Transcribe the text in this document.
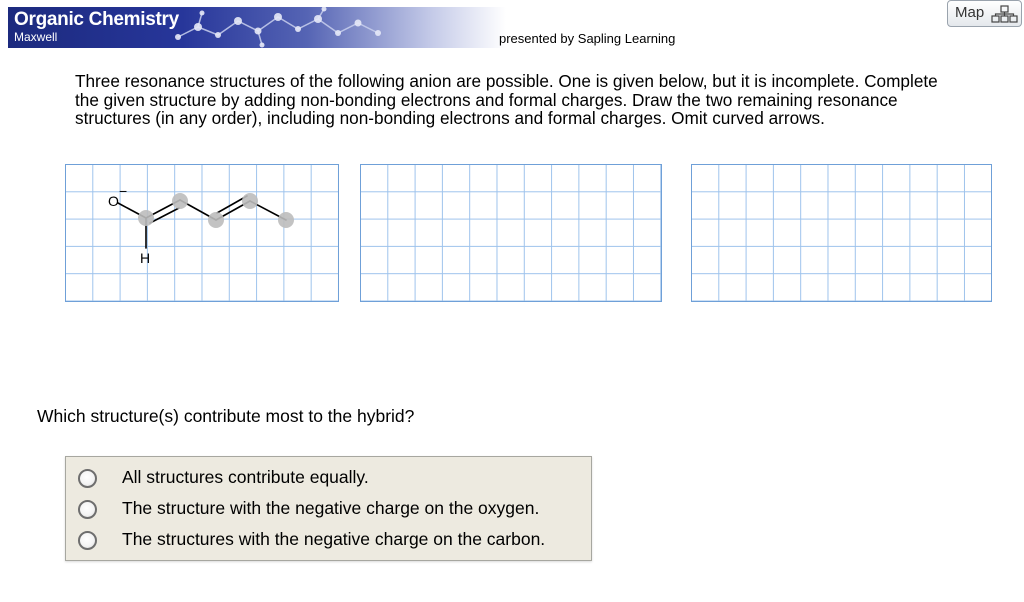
Organic Chemistry
Maxwell	presented by Sapling Learning
Map
Three resonance structures of the following anion are possible. One is given below, but it is incomplete. Complete the given structure by adding non-bonding electrons and formal charges. Draw the two remaining resonance structures (in any order), including non-bonding electrons and formal charges. Omit curved arrows.
O
−
H
Which structure(s) contribute most to the hybrid?
All structures contribute equally.
The structure with the negative charge on the oxygen.
The structures with the negative charge on the carbon.
